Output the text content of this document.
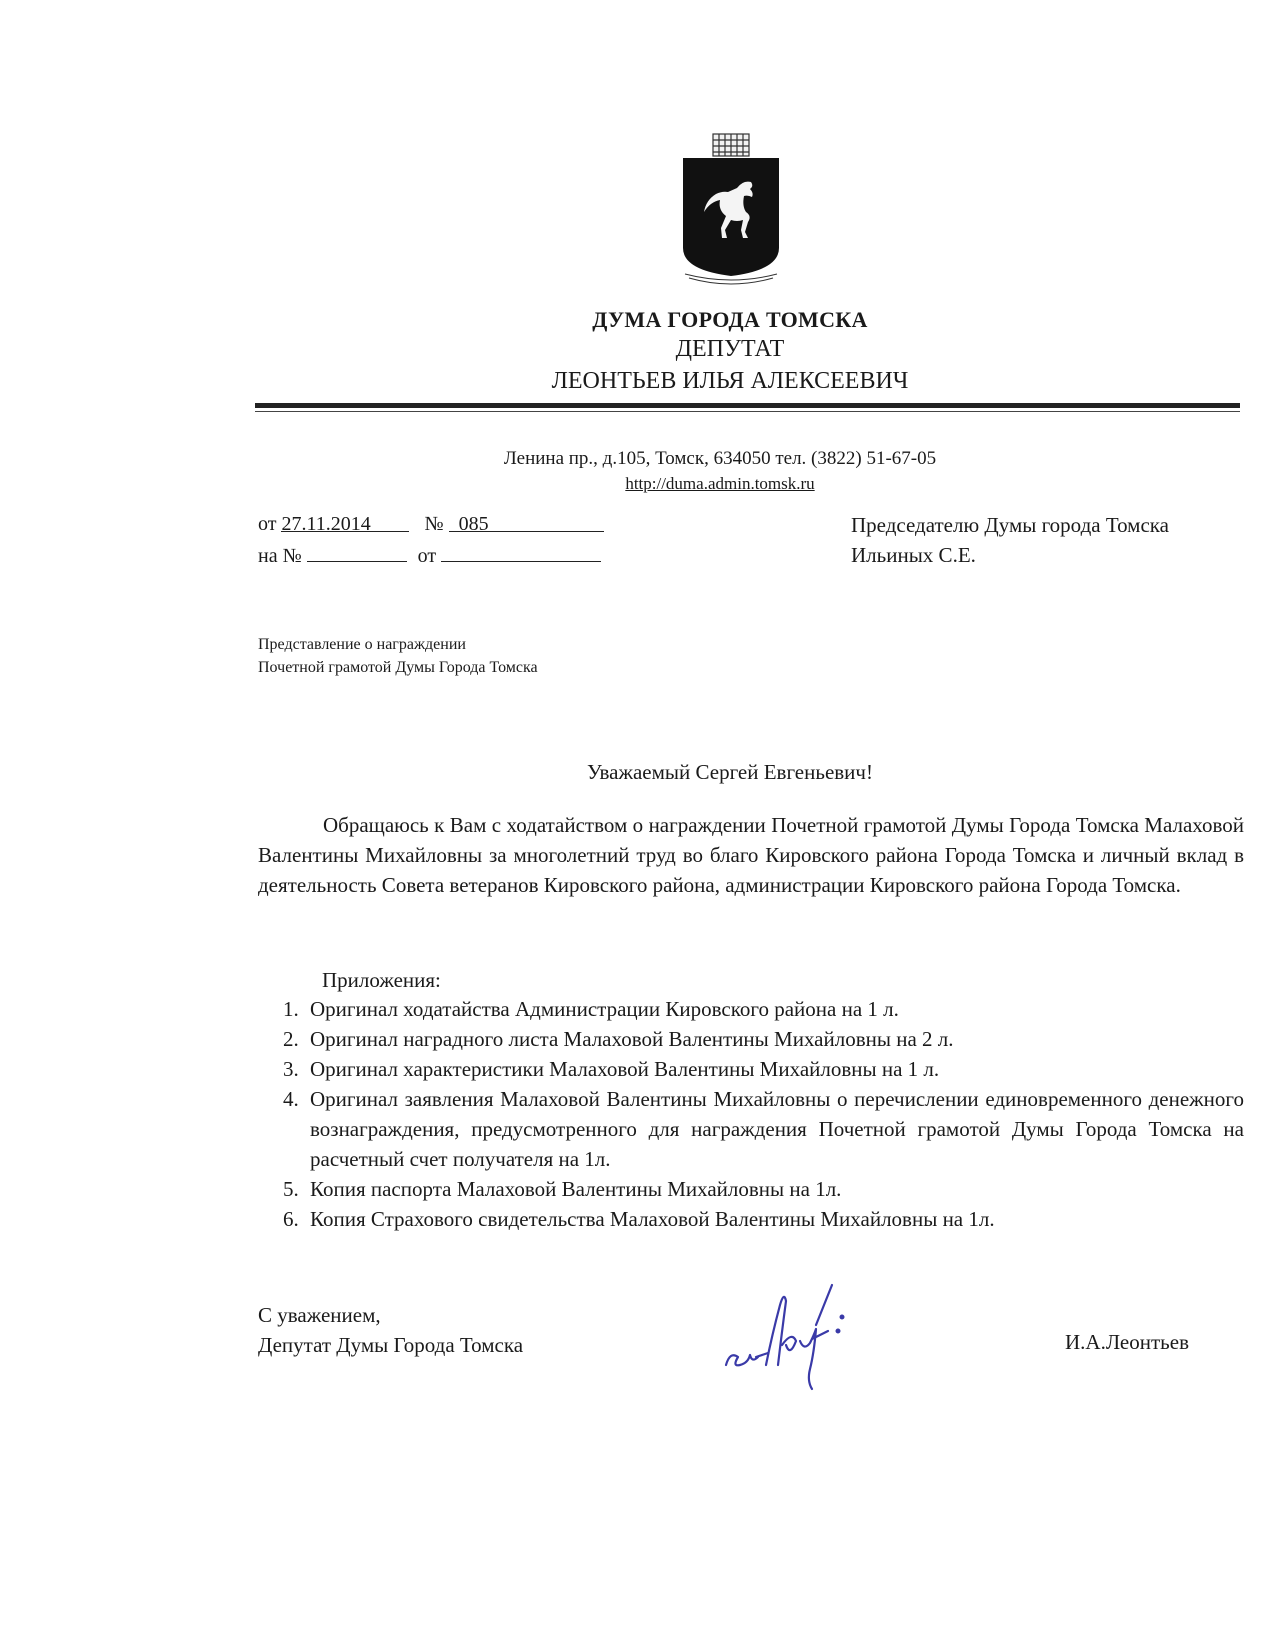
ДУМА ГОРОДА ТОМСКА
ДЕПУТАТ
ЛЕОНТЬЕВ ИЛЬЯ АЛЕКСЕЕВИЧ
Ленина пр., д.105, Томск, 634050 тел. (3822) 51-67-05
http://duma.admin.tomsk.ru
от 27.11.2014	№ 085
на №	от
Председателю Думы города Томска
Ильиных С.Е.
Представление о награждении
Почетной грамотой Думы Города Томска
Уважаемый Сергей Евгеньевич!

Обращаюсь к Вам с ходатайством о награждении Почетной грамотой Думы Города Томска Малаховой Валентины Михайловны за многолетний труд во благо Кировского района Города Томска и личный вклад в деятельность Совета ветеранов Кировского района, администрации Кировского района Города Томска.

Приложения:
1. Оригинал ходатайства Администрации Кировского района на 1 л.
2. Оригинал наградного листа Малаховой Валентины Михайловны на 2 л.
3. Оригинал характеристики Малаховой Валентины Михайловны на 1 л.
4. Оригинал заявления Малаховой Валентины Михайловны о перечислении единовременного денежного вознаграждения, предусмотренного для награждения Почетной грамотой Думы Города Томска на расчетный счет получателя на 1л.
5. Копия паспорта Малаховой Валентины Михайловны на 1л.
6. Копия Страхового свидетельства Малаховой Валентины Михайловны на 1л.
С уважением,
Депутат Думы Города Томска	И.А.Леонтьев
